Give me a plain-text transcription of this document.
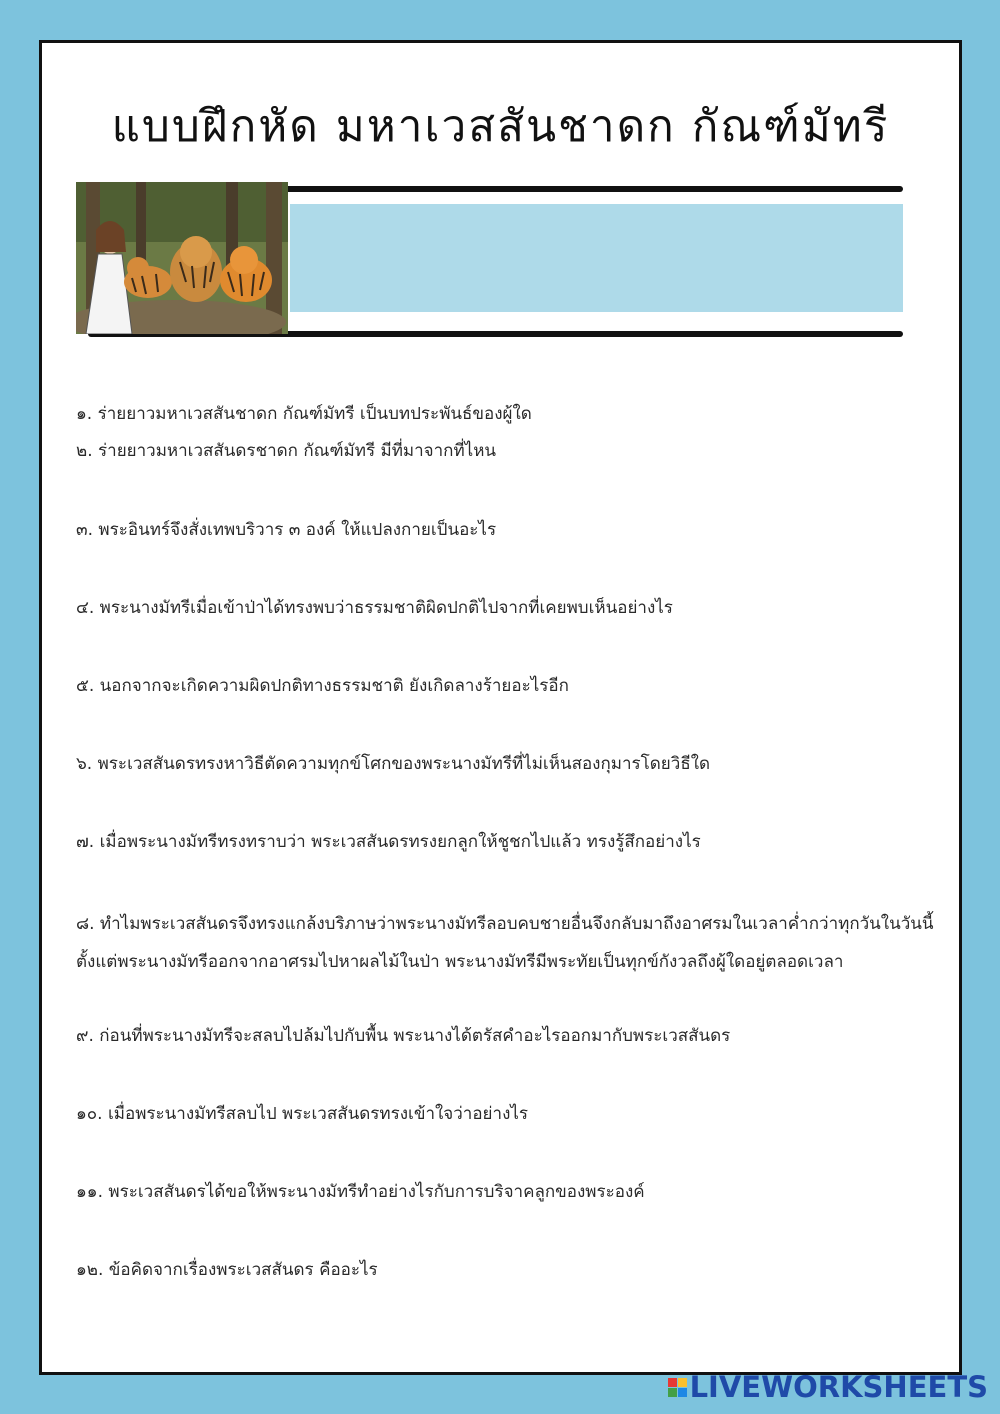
แบบฝึกหัด มหาเวสสันชาดก กัณฑ์มัทรี
๑. ร่ายยาวมหาเวสสันชาดก กัณฑ์มัทรี เป็นบทประพันธ์ของผู้ใด
๒. ร่ายยาวมหาเวสสันดรชาดก กัณฑ์มัทรี มีที่มาจากที่ไหน
๓. พระอินทร์จึงสั่งเทพบริวาร ๓ องค์ ให้แปลงกายเป็นอะไร
๔. พระนางมัทรีเมื่อเข้าป่าได้ทรงพบว่าธรรมชาติผิดปกติไปจากที่เคยพบเห็นอย่างไร
๕. นอกจากจะเกิดความผิดปกติทางธรรมชาติ ยังเกิดลางร้ายอะไรอีก
๖. พระเวสสันดรทรงหาวิธีตัดความทุกข์โศกของพระนางมัทรีที่ไม่เห็นสองกุมารโดยวิธีใด
๗. เมื่อพระนางมัทรีทรงทราบว่า พระเวสสันดรทรงยกลูกให้ชูชกไปแล้ว ทรงรู้สึกอย่างไร
๘. ทำไมพระเวสสันดรจึงทรงแกล้งบริภาษว่าพระนางมัทรีลอบคบชายอื่นจึงกลับมาถึงอาศรมในเวลาค่ำกว่าทุกวันในวันนี้ตั้งแต่พระนางมัทรีออกจากอาศรมไปหาผลไม้ในป่า พระนางมัทรีมีพระทัยเป็นทุกข์กังวลถึงผู้ใดอยู่ตลอดเวลา
๙. ก่อนที่พระนางมัทรีจะสลบไปล้มไปกับพื้น พระนางได้ตรัสคำอะไรออกมากับพระเวสสันดร
๑๐. เมื่อพระนางมัทรีสลบไป พระเวสสันดรทรงเข้าใจว่าอย่างไร
๑๑. พระเวสสันดรได้ขอให้พระนางมัทรีทำอย่างไรกับการบริจาคลูกของพระองค์
๑๒. ข้อคิดจากเรื่องพระเวสสันดร คืออะไร
LIVEWORKSHEETS
